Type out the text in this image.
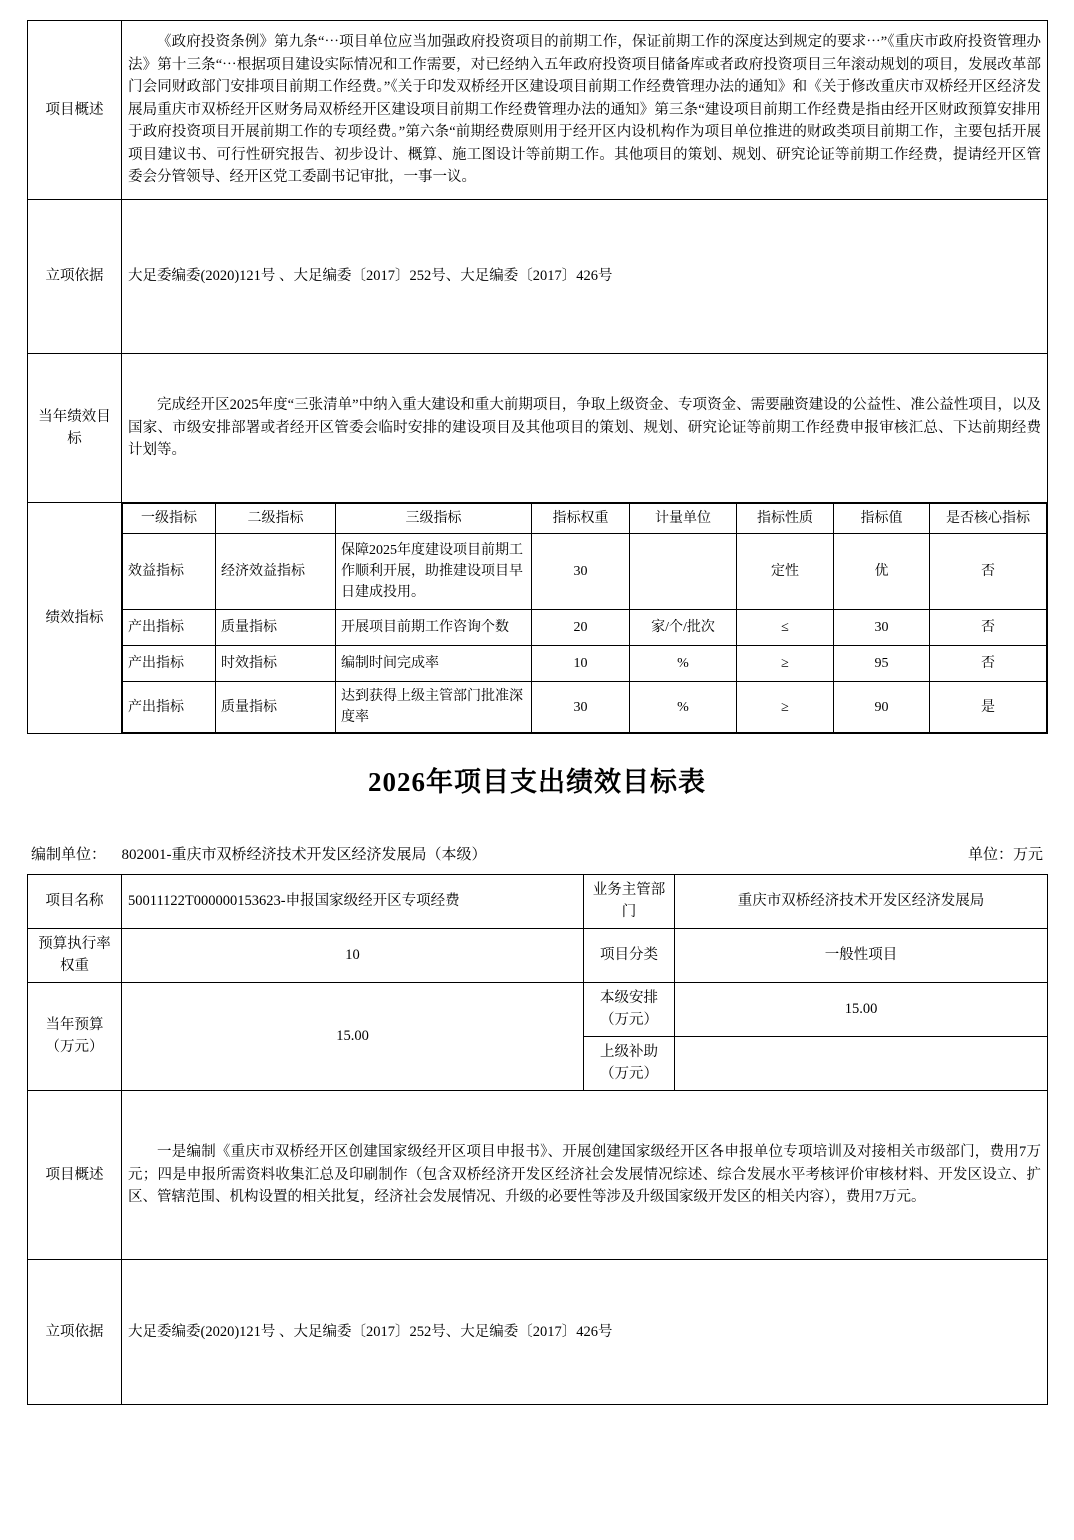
项目概述	《政府投资条例》第九条“⋯项目单位应当加强政府投资项目的前期工作，保证前期工作的深度达到规定的要求⋯”《重庆市政府投资管理办法》第十三条“⋯根据项目建设实际情况和工作需要，对已经纳入五年政府投资项目储备库或者政府投资项目三年滚动规划的项目，发展改革部门会同财政部门安排项目前期工作经费。”《关于印发双桥经开区建设项目前期工作经费管理办法的通知》和《关于修改重庆市双桥经开区经济发展局重庆市双桥经开区财务局双桥经开区建设项目前期工作经费管理办法的通知》第三条“建设项目前期工作经费是指由经开区财政预算安排用于政府投资项目开展前期工作的专项经费。”第六条“前期经费原则用于经开区内设机构作为项目单位推进的财政类项目前期工作，主要包括开展项目建议书、可行性研究报告、初步设计、概算、施工图设计等前期工作。其他项目的策划、规划、研究论证等前期工作经费，提请经开区管委会分管领导、经开区党工委副书记审批，一事一议。
立项依据	大足委编委(2020)121号 、大足编委〔2017〕252号、大足编委〔2017〕426号
当年绩效目标	完成经开区2025年度“三张清单”中纳入重大建设和重大前期项目，争取上级资金、专项资金、需要融资建设的公益性、准公益性项目，以及国家、市级安排部署或者经开区管委会临时安排的建设项目及其他项目的策划、规划、研究论证等前期工作经费申报审核汇总、下达前期经费计划等。
绩效指标	
一级指标	二级指标	三级指标	指标权重	计量单位	指标性质	指标值	是否核心指标
效益指标	经济效益指标	保障2025年度建设项目前期工作顺利开展，助推建设项目早日建成投用。	30		定性	优	否
产出指标	质量指标	开展项目前期工作咨询个数	20	家/个/批次	≤	30	否
产出指标	时效指标	编制时间完成率	10	%	≥	95	否
产出指标	质量指标	达到获得上级主管部门批准深度率	30	%	≥	90	是
2026年项目支出绩效目标表
编制单位： 802001-重庆市双桥经济技术开发区经济发展局（本级）	单位：万元
项目名称	50011122T000000153623-申报国家级经开区专项经费	业务主管部门	重庆市双桥经济技术开发区经济发展局
预算执行率权重	10	项目分类	一般性项目
当年预算（万元）	15.00	本级安排（万元）	15.00
		上级补助（万元）	
项目概述	一是编制《重庆市双桥经开区创建国家级经开区项目申报书》、开展创建国家级经开区各申报单位专项培训及对接相关市级部门，费用7万元；四是申报所需资料收集汇总及印刷制作（包含双桥经济开发区经济社会发展情况综述、综合发展水平考核评价审核材料、开发区设立、扩区、管辖范围、机构设置的相关批复，经济社会发展情况、升级的必要性等涉及升级国家级开发区的相关内容），费用7万元。		
立项依据	大足委编委(2020)121号 、大足编委〔2017〕252号、大足编委〔2017〕426号		
